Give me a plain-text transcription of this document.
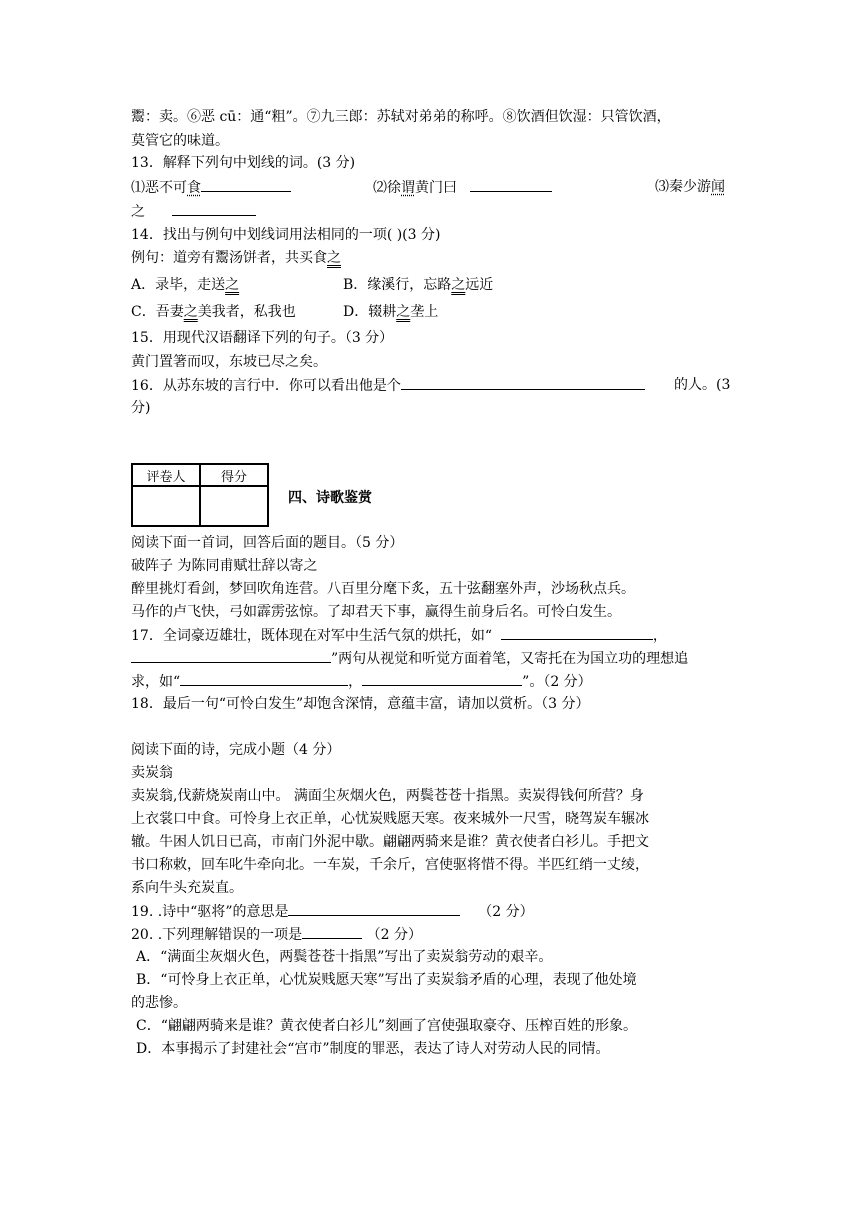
鬻：卖。⑥恶 cū：通“粗”。⑦九三郎：苏轼对弟弟的称呼。⑧饮酒但饮湿：只管饮酒，
莫管它的味道。
13．解释下列句中划线的词。(3 分)
⑴恶不可食	⑵徐谓黄门曰	⑶秦少游闻
之
14．找出与例句中划线词用法相同的一项( )(3 分)
例句：道旁有鬻汤饼者，共买食之
A．录毕，走送之	B．缘溪行，忘路之远近
C．吾妻之美我者，私我也	D．辍耕之垄上
15．用现代汉语翻译下列的句子。（3 分）
黄门置箸而叹，东坡已尽之矣。
16．从苏东坡的言行中．你可以看出他是个	的人。(3
分)
评卷人	得分

四、诗歌鉴赏
阅读下面一首词，回答后面的题目。（5 分）
破阵子 为陈同甫赋壮辞以寄之
醉里挑灯看剑，梦回吹角连营。八百里分麾下炙，五十弦翻塞外声，沙场秋点兵。
马作的卢飞快，弓如霹雳弦惊。了却君天下事，赢得生前身后名。可怜白发生。
17．全词豪迈雄壮，既体现在对军中生活气氛的烘托，如“	，
”两句从视觉和听觉方面着笔，又寄托在为国立功的理想追
求，如“	，	”。（2 分）
18．最后一句“可怜白发生”却饱含深情，意蕴丰富，请加以赏析。（3 分）
阅读下面的诗，完成小题（4 分）
卖炭翁
卖炭翁,伐薪烧炭南山中。 满面尘灰烟火色，两鬓苍苍十指黑。卖炭得钱何所营？身
上衣裳口中食。可怜身上衣正单，心忧炭贱愿天寒。夜来城外一尺雪，晓驾炭车辗冰
辙。牛困人饥日已高，市南门外泥中歇。翩翩两骑来是谁？黄衣使者白衫儿。手把文
书口称敕，回车叱牛牵向北。一车炭，千余斤，宫使驱将惜不得。半匹红绡一丈绫，
系向牛头充炭直。
19. .诗中“驱将”的意思是	（2 分）
20. .下列理解错误的一项是	（2 分）
A．“满面尘灰烟火色，两鬓苍苍十指黑”写出了卖炭翁劳动的艰辛。
B．“可怜身上衣正单，心忧炭贱愿天寒”写出了卖炭翁矛盾的心理，表现了他处境
的悲惨。
C．“翩翩两骑来是谁？黄衣使者白衫儿”刻画了宫使强取豪夺、压榨百姓的形象。
D．本事揭示了封建社会“宫市”制度的罪恶，表达了诗人对劳动人民的同情。
